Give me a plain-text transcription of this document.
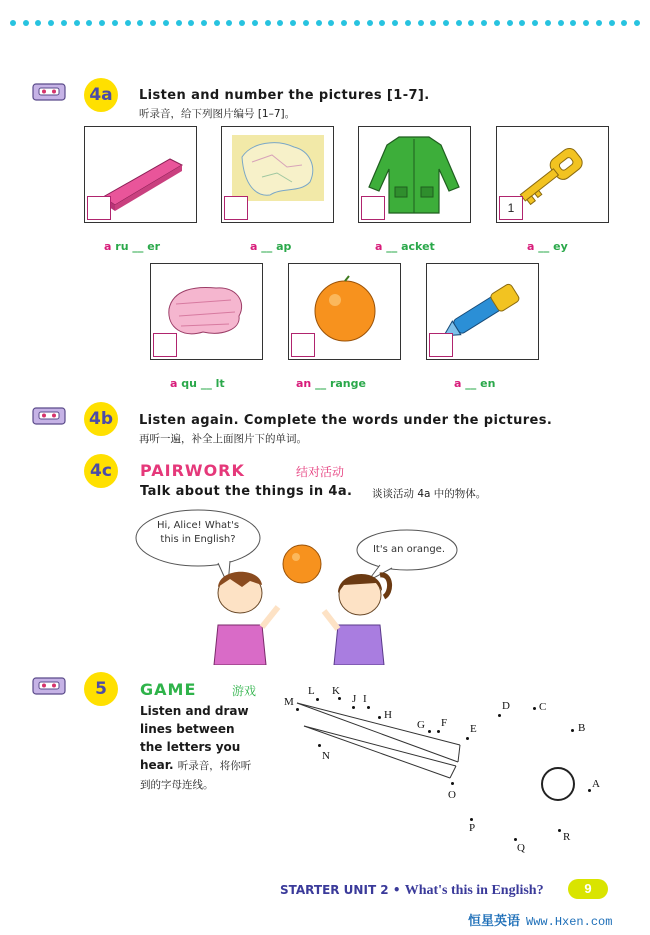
4a	Listen and number the pictures [1-7].
听录音，给下列图片编号 [1–7]。
1
a ru __ er	a __ ap	a __ acket	a __ ey
a qu __ lt	an __ range	a __ en
4b	Listen again. Complete the words under the pictures.
再听一遍，补全上面图片下的单词。
4c	PAIRWORK	结对活动
Talk about the things in 4a. 谈谈活动 4a 中的物体。
Hi, Alice! What's this in English?
It's an orange.
5	GAME	游戏
Listen and draw lines between the letters you hear. 听录音，将你听到的字母连线。
M
L K
J I
H
G F E
D	C
B
A
N
O
P
Q
R
STARTER UNIT 2 • What's this in English?	9
恒星英语 Www.Hxen.com
